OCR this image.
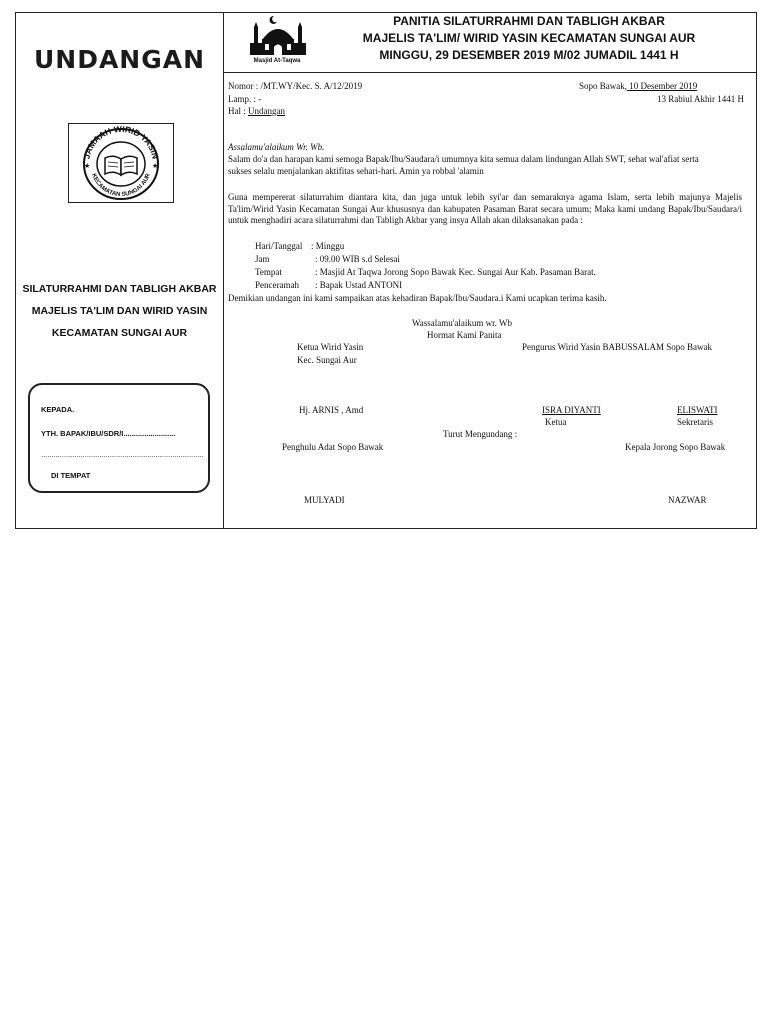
UNDANGAN
JAMAAH WIRID YASIN
KECAMATAN SUNGAI AUR
★	★
SILATURRAHMI DAN TABLIGH AKBAR
MAJELIS TA'LIM DAN WIRID YASIN
KECAMATAN SUNGAI AUR
KEPADA.
YTH. BAPAK/IBU/SDR/I.........................
..............................................................................
DI TEMPAT
Masjid At-Taqwa
PANITIA SILATURRAHMI DAN TABLIGH AKBAR
MAJELIS TA'LIM/ WIRID YASIN KECAMATAN SUNGAI AUR
MINGGU, 29 DESEMBER 2019 M/02 JUMADIL 1441 H
Nomor : /MT.WY/Kec. S. A/12/2019
Lamp. : -
Hal : Undangan
Sopo Bawak, 10 Desember 2019
13 Rabiul Akhir 1441 H
Assalamu'alaikum Wr. Wb.
Salam do'a dan harapan kami semoga Bapak/Ibu/Saudara/i umumnya kita semua dalam lindungan Allah SWT, sehat wal'afiat serta sukses selalu menjalankan aktifitas sehari-hari. Amin ya robbal 'alamin
Guna mempererat silaturrahim diantara kita, dan juga untuk lebih syi'ar dan semaraknya agama Islam, serta lebih majunya Majelis Ta'lim/Wirid Yasin Kecamatan Sungai Aur khususnya dan kabupaten Pasaman Barat secara umum; Maka kami undang Bapak/Ibu/Saudara/i untuk menghadiri acara silaturrahmi dan Tabligh Akbar yang insya Allah akan dilaksanakan pada :
Hari/Tanggal : Minggu
Jam	: 09.00 WIB s.d Selesai
Tempat	: Masjid At Taqwa Jorong Sopo Bawak Kec. Sungai Aur Kab. Pasaman Barat.
Penceramah : Bapak Ustad ANTONI
Demikian undangan ini kami sampaikan atas kehadiran Bapak/Ibu/Saudara.i Kami ucapkan terima kasih.
Wassalamu'alaikum wr. Wb
Hormat Kami Panita
Ketua Wirid Yasin
Kec. Sungai Aur
Pengurus Wirid Yasin BABUSSALAM Sopo Bawak
Hj. ARNIS , Amd	ISRA DIYANTI
Ketua
ELISWATI
Sekretaris
Turut Mengundang :
Penghulu Adat Sopo Bawak	Kepala Jorong Sopo Bawak
MULYADI	NAZWAR
